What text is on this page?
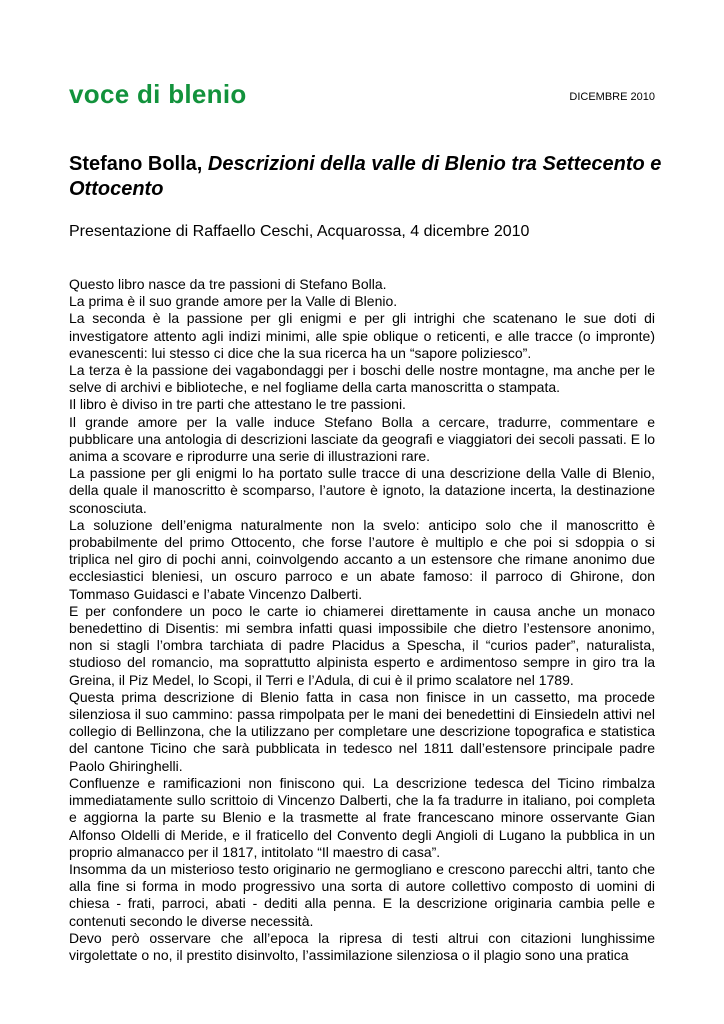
voce di blenio	DICEMBRE 2010
Stefano Bolla, Descrizioni della valle di Blenio tra Settecento e Ottocento

Presentazione di Raffaello Ceschi, Acquarossa, 4 dicembre 2010

Questo libro nasce da tre passioni di Stefano Bolla.

La prima è il suo grande amore per la Valle di Blenio.

La seconda è la passione per gli enigmi e per gli intrighi che scatenano le sue doti di investigatore attento agli indizi minimi, alle spie oblique o reticenti, e alle tracce (o impronte) evanescenti: lui stesso ci dice che la sua ricerca ha un “sapore poliziesco”.

La terza è la passione dei vagabondaggi per i boschi delle nostre montagne, ma anche per le selve di archivi e biblioteche, e nel fogliame della carta manoscritta o stampata.

Il libro è diviso in tre parti che attestano le tre passioni.

Il grande amore per la valle induce Stefano Bolla a cercare, tradurre, commentare e pubblicare una antologia di descrizioni lasciate da geografi e viaggiatori dei secoli passati. E lo anima a scovare e riprodurre una serie di illustrazioni rare.

La passione per gli enigmi lo ha portato sulle tracce di una descrizione della Valle di Blenio, della quale il manoscritto è scomparso, l’autore è ignoto, la datazione incerta, la destinazione sconosciuta.

La soluzione dell’enigma naturalmente non la svelo: anticipo solo che il manoscritto è probabilmente del primo Ottocento, che forse l’autore è multiplo e che poi si sdoppia o si triplica nel giro di pochi anni, coinvolgendo accanto a un estensore che rimane anonimo due ecclesiastici bleniesi, un oscuro parroco e un abate famoso: il parroco di Ghirone, don Tommaso Guidasci e l’abate Vincenzo Dalberti.

E per confondere un poco le carte io chiamerei direttamente in causa anche un monaco benedettino di Disentis: mi sembra infatti quasi impossibile che dietro l’estensore anonimo, non si stagli l’ombra tarchiata di padre Placidus a Spescha, il “curios pader”, naturalista, studioso del romancio, ma soprattutto alpinista esperto e ardimentoso sempre in giro tra la Greina, il Piz Medel, lo Scopi, il Terri e l’Adula, di cui è il primo scalatore nel 1789.

Questa prima descrizione di Blenio fatta in casa non finisce in un cassetto, ma procede silenziosa il suo cammino: passa rimpolpata per le mani dei benedettini di Einsiedeln attivi nel collegio di Bellinzona, che la utilizzano per completare une descrizione topografica e statistica del cantone Ticino che sarà pubblicata in tedesco nel 1811 dall’estensore principale padre Paolo Ghiringhelli.

Confluenze e ramificazioni non finiscono qui. La descrizione tedesca del Ticino rimbalza immediatamente sullo scrittoio di Vincenzo Dalberti, che la fa tradurre in italiano, poi completa e aggiorna la parte su Blenio e la trasmette al frate francescano minore osservante Gian Alfonso Oldelli di Meride, e il fraticello del Convento degli Angioli di Lugano la pubblica in un proprio almanacco per il 1817, intitolato “Il maestro di casa”.

Insomma da un misterioso testo originario ne germogliano e crescono parecchi altri, tanto che alla fine si forma in modo progressivo una sorta di autore collettivo composto di uomini di chiesa - frati, parroci, abati - dediti alla penna. E la descrizione originaria cambia pelle e contenuti secondo le diverse necessità.

Devo però osservare che all’epoca la ripresa di testi altrui con citazioni lunghissime virgolettate o no, il prestito disinvolto, l’assimilazione silenziosa o il plagio sono una pratica
